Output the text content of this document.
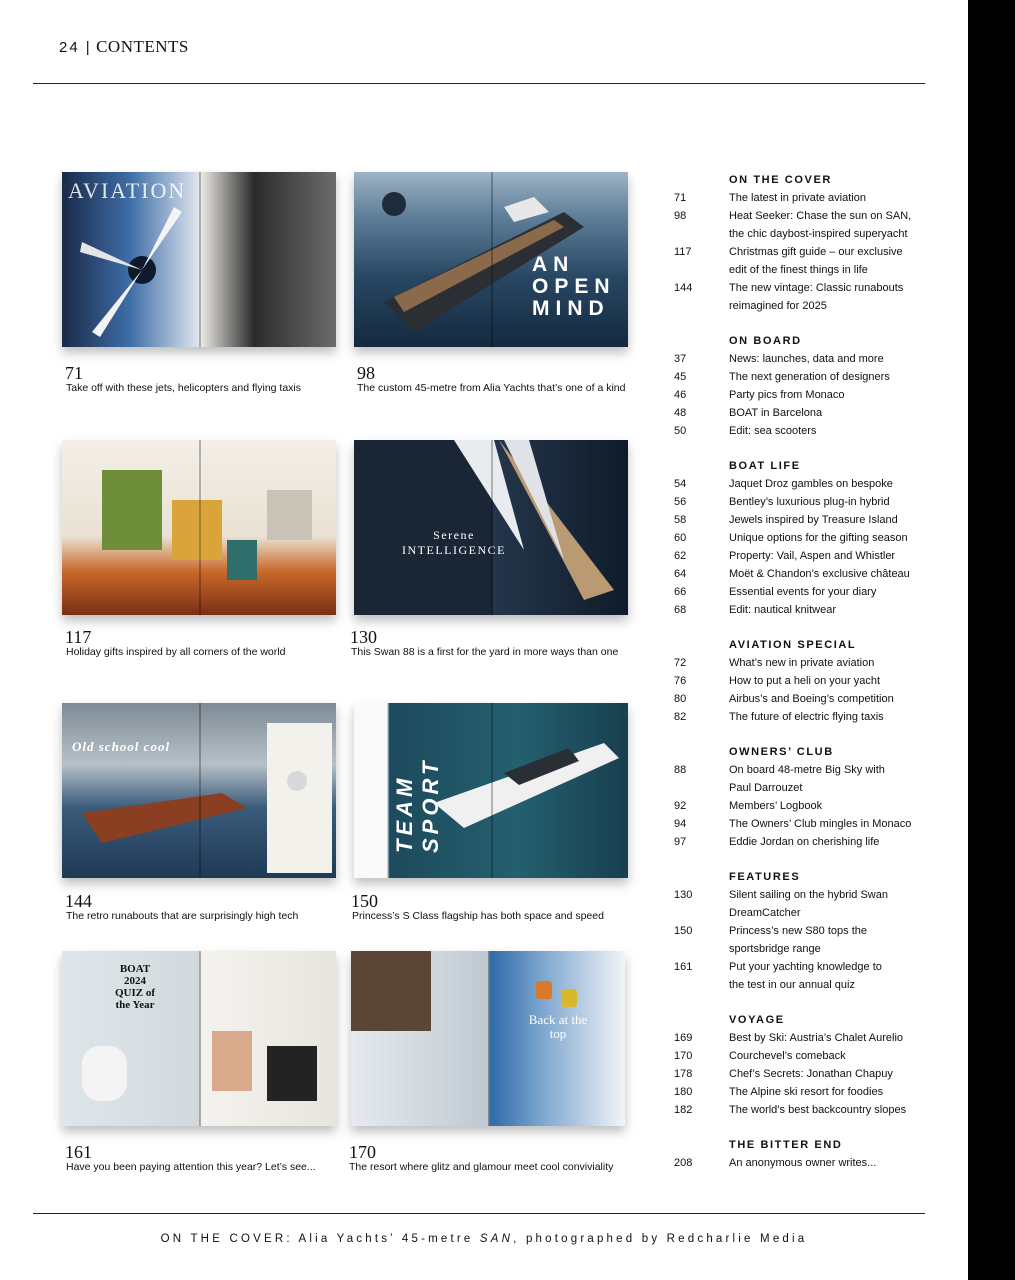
24 | CONTENTS
AVIATION
71
Take off with these jets, helicopters and flying taxis
AN OPEN MIND
98
The custom 45-metre from Alia Yachts that’s one of a kind
117
Holiday gifts inspired by all corners of the world
Serene INTELLIGENCE
130
This Swan 88 is a first for the yard in more ways than one
Old school cool
144
The retro runabouts that are surprisingly high tech
TEAM SPORT
150
Princess’s S Class flagship has both space and speed
BOAT 2024 QUIZ of the Year
161
Have you been paying attention this year? Let’s see...
Back at the top
170
The resort where glitz and glamour meet cool conviviality
ON THE COVER
71	The latest in private aviation
98	Heat Seeker: Chase the sun on SAN,
the chic daybost-inspired superyacht
117	Christmas gift guide – our exclusive
edit of the finest things in life
144	The new vintage: Classic runabouts
reimagined for 2025
ON BOARD
37	News: launches, data and more
45	The next generation of designers
46	Party pics from Monaco
48	BOAT in Barcelona
50	Edit: sea scooters
BOAT LIFE
54	Jaquet Droz gambles on bespoke
56	Bentley’s luxurious plug-in hybrid
58	Jewels inspired by Treasure Island
60	Unique options for the gifting season
62	Property: Vail, Aspen and Whistler
64	Moët & Chandon’s exclusive château
66	Essential events for your diary
68	Edit: nautical knitwear
AVIATION SPECIAL
72	What’s new in private aviation
76	How to put a heli on your yacht
80	Airbus’s and Boeing’s competition
82	The future of electric flying taxis
OWNERS’ CLUB
88	On board 48-metre Big Sky with
Paul Darrouzet
92	Members’ Logbook
94	The Owners’ Club mingles in Monaco
97	Eddie Jordan on cherishing life
FEATURES
130	Silent sailing on the hybrid Swan
DreamCatcher
150	Princess’s new S80 tops the
sportsbridge range
161	Put your yachting knowledge to
the test in our annual quiz
VOYAGE
169	Best by Ski: Austria’s Chalet Aurelio
170	Courchevel’s comeback
178	Chef’s Secrets: Jonathan Chapuy
180	The Alpine ski resort for foodies
182	The world’s best backcountry slopes
THE BITTER END
208	An anonymous owner writes...
ON THE COVER: Alia Yachts’ 45-metre SAN, photographed by Redcharlie Media
